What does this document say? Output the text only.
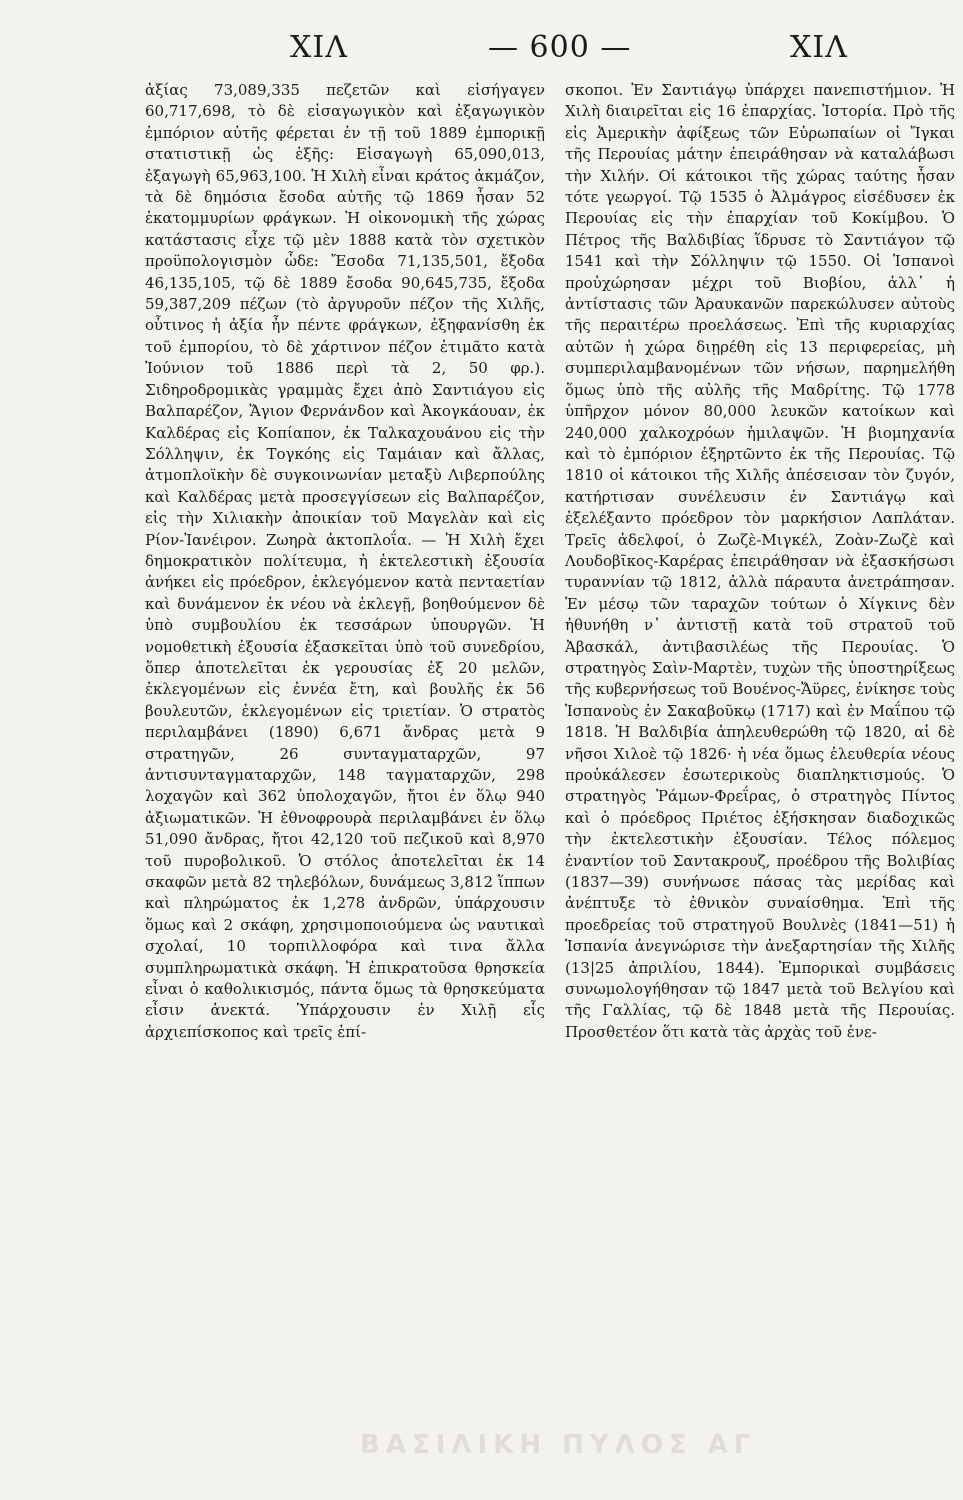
ΧΙΛ	— 600 —	ΧΙΛ

ἀξίας 73,089,335 πεζετῶν καὶ εἰσήγαγεν 60,717,698, τὸ δὲ εἰσαγωγικὸν καὶ ἐξαγωγικὸν ἐμπόριον αὐτῆς φέρεται ἐν τῇ τοῦ 1889 ἐμπορικῇ στατιστικῇ ὡς ἑξῆς: Εἰσαγωγὴ 65,090,013, ἐξαγωγὴ 65,963,100. Ἡ Χιλὴ εἶναι κράτος ἀκμάζον, τὰ δὲ δημόσια ἔσοδα αὐτῆς τῷ 1869 ἦσαν 52 ἑκατομμυρίων φράγκων. Ἡ οἰκονομικὴ τῆς χώρας κατάστασις εἶχε τῷ μὲν 1888 κατὰ τὸν σχετικὸν προϋπολογισμὸν ὧδε: Ἔσοδα 71,135,501, ἔξοδα 46,135,105, τῷ δὲ 1889 ἔσοδα 90,645,735, ἔξοδα 59,387,209 πέζων (τὸ ἀργυροῦν πέζον τῆς Χιλῆς, οὗτινος ἡ ἀξία ἦν πέντε φράγκων, ἐξηφανίσθη ἐκ τοῦ ἐμπορίου, τὸ δὲ χάρτινον πέζον ἐτιμᾶτο κατὰ Ἰούνιον τοῦ 1886 περὶ τὰ 2, 50 φρ.). Σιδηροδρομικὰς γραμμὰς ἔχει ἀπὸ Σαντιάγου εἰς Βαλπαρέζον, Ἅγιον Φερνάνδον καὶ Ἀκογκάουαν, ἐκ Καλδέρας εἰς Κοπίαπον, ἐκ Ταλκαχουάνου εἰς τὴν Σόλληψιν, ἐκ Τογκόης εἰς Ταμάιαν καὶ ἄλλας, ἀτμοπλοϊκὴν δὲ συγκοινωνίαν μεταξὺ Λιβερπούλης καὶ Καλδέρας μετὰ προσεγγίσεων εἰς Βαλπαρέζον, εἰς τὴν Χιλιακὴν ἀποικίαν τοῦ Μαγελὰν καὶ εἰς Ρίον-Ἰανέιρον. Ζωηρὰ ἀκτοπλοΐα. — Ἡ Χιλὴ ἔχει δημοκρατικὸν πολίτευμα, ἡ ἐκτελεστικὴ ἐξουσία ἀνήκει εἰς πρόεδρον, ἐκλεγόμενον κατὰ πενταετίαν καὶ δυνάμενον ἐκ νέου νὰ ἐκλεγῇ, βοηθούμενον δὲ ὑπὸ συμβουλίου ἐκ τεσσάρων ὑπουργῶν. Ἡ νομοθετικὴ ἐξουσία ἐξασκεῖται ὑπὸ τοῦ συνεδρίου, ὅπερ ἀποτελεῖται ἐκ γερουσίας ἐξ 20 μελῶν, ἐκλεγομένων εἰς ἐννέα ἔτη, καὶ βουλῆς ἐκ 56 βουλευτῶν, ἐκλεγομένων εἰς τριετίαν. Ὁ στρατὸς περιλαμβάνει (1890) 6,671 ἄνδρας μετὰ 9 στρατηγῶν, 26 συνταγματαρχῶν, 97 ἀντισυνταγματαρχῶν, 148 ταγματαρχῶν, 298 λοχαγῶν καὶ 362 ὑπολοχαγῶν, ἤτοι ἐν ὅλῳ 940 ἀξιωματικῶν. Ἡ ἐθνοφρουρὰ περιλαμβάνει ἐν ὅλῳ 51,090 ἄνδρας, ἤτοι 42,120 τοῦ πεζικοῦ καὶ 8,970 τοῦ πυροβολικοῦ. Ὁ στόλος ἀποτελεῖται ἐκ 14 σκαφῶν μετὰ 82 τηλεβόλων, δυνάμεως 3,812 ἵππων καὶ πληρώματος ἐκ 1,278 ἀνδρῶν, ὑπάρχουσιν ὅμως καὶ 2 σκάφη, χρησιμοποιούμενα ὡς ναυτικαὶ σχολαί, 10 τορπιλλοφόρα καὶ τινα ἄλλα συμπληρωματικὰ σκάφη. Ἡ ἐπικρατοῦσα θρησκεία εἶναι ὁ καθολικισμός, πάντα ὅμως τὰ θρησκεύματα εἶσιν ἀνεκτά. Ὑπάρχουσιν ἐν Χιλῇ εἷς ἀρχιεπίσκοπος καὶ τρεῖς ἐπί-

σκοποι. Ἐν Σαντιάγῳ ὑπάρχει πανεπιστήμιον. Ἡ Χιλὴ διαιρεῖται εἰς 16 ἐπαρχίας. Ἱστορία. Πρὸ τῆς εἰς Ἀμερικὴν ἀφίξεως τῶν Εὐρωπαίων οἱ Ἴγκαι τῆς Περουίας μάτην ἐπειράθησαν νὰ καταλάβωσι τὴν Χιλήν. Οἱ κάτοικοι τῆς χώρας ταύτης ἦσαν τότε γεωργοί. Τῷ 1535 ὁ Ἀλμάγρος εἰσέδυσεν ἐκ Περουίας εἰς τὴν ἐπαρχίαν τοῦ Κοκίμβου. Ὁ Πέτρος τῆς Βαλδιβίας ἵδρυσε τὸ Σαντιάγον τῷ 1541 καὶ τὴν Σόλληψιν τῷ 1550. Οἱ Ἱσπανοὶ προὐχώρησαν μέχρι τοῦ Βιοβίου, ἀλλ᾽ ἡ ἀντίστασις τῶν Ἀραυκανῶν παρεκώλυσεν αὐτοὺς τῆς περαιτέρω προελάσεως. Ἐπὶ τῆς κυριαρχίας αὐτῶν ἡ χώρα διῃρέθη εἰς 13 περιφερείας, μὴ συμπεριλαμβανομένων τῶν νήσων, παρημελήθη ὅμως ὑπὸ τῆς αὐλῆς τῆς Μαδρίτης. Τῷ 1778 ὑπῆρχον μόνον 80,000 λευκῶν κατοίκων καὶ 240,000 χαλκοχρόων ἡμιλαψῶν. Ἡ βιομηχανία καὶ τὸ ἐμπόριον ἐξηρτῶντο ἐκ τῆς Περουίας. Τῷ 1810 οἱ κάτοικοι τῆς Χιλῆς ἀπέσεισαν τὸν ζυγόν, κατήρτισαν συνέλευσιν ἐν Σαντιάγῳ καὶ ἐξελέξαντο πρόεδρον τὸν μαρκήσιον Λαπλάταν. Τρεῖς ἀδελφοί, ὁ Ζωζὲ-Μιγκέλ, Ζοὰν-Ζωζὲ καὶ Λουδοβῖκος-Καρέρας ἐπειράθησαν νὰ ἐξασκήσωσι τυραννίαν τῷ 1812, ἀλλὰ πάραυτα ἀνετράπησαν. Ἐν μέσῳ τῶν ταραχῶν τούτων ὁ Χίγκινς δὲν ἠθυνήθη ν᾽ ἀντιστῇ κατὰ τοῦ στρατοῦ τοῦ Ἀβασκάλ, ἀντιβασιλέως τῆς Περουίας. Ὁ στρατηγὸς Σαὶν-Μαρτὲν, τυχὼν τῆς ὑποστηρίξεως τῆς κυβερνήσεως τοῦ Βουένος-Ἄϋρες, ἐνίκησε τοὺς Ἱσπανοὺς ἐν Σακαβοῦκῳ (1717) καὶ ἐν Μαΐπου τῷ 1818. Ἡ Βαλδιβία ἀπηλευθερώθη τῷ 1820, αἱ δὲ νῆσοι Χιλοὲ τῷ 1826· ἡ νέα ὅμως ἐλευθερία νέους προὐκάλεσεν ἐσωτερικοὺς διαπληκτισμούς. Ὁ στρατηγὸς Ῥάμων-Φρεΐρας, ὁ στρατηγὸς Πίντος καὶ ὁ πρόεδρος Πριέτος ἐξήσκησαν διαδοχικῶς τὴν ἐκτελεστικὴν ἐξουσίαν. Τέλος πόλεμος ἐναντίον τοῦ Σαντακρουζ, προέδρου τῆς Βολιβίας (1837—39) συνήνωσε πάσας τὰς μερίδας καὶ ἀνέπτυξε τὸ ἐθνικὸν συναίσθημα. Ἐπὶ τῆς προεδρείας τοῦ στρατηγοῦ Βουλνὲς (1841—51) ἡ Ἱσπανία ἀνεγνώρισε τὴν ἀνεξαρτησίαν τῆς Χιλῆς (13|25 ἀπριλίου, 1844). Ἐμπορικαὶ συμβάσεις συνωμολογήθησαν τῷ 1847 μετὰ τοῦ Βελγίου καὶ τῆς Γαλλίας, τῷ δὲ 1848 μετὰ τῆς Περουίας. Προσθετέον ὅτι κατὰ τὰς ἀρχὰς τοῦ ἐνε-

ΒΑΣΙΛΙΚΗ ΠΥΛΟΣ ΑΓ
